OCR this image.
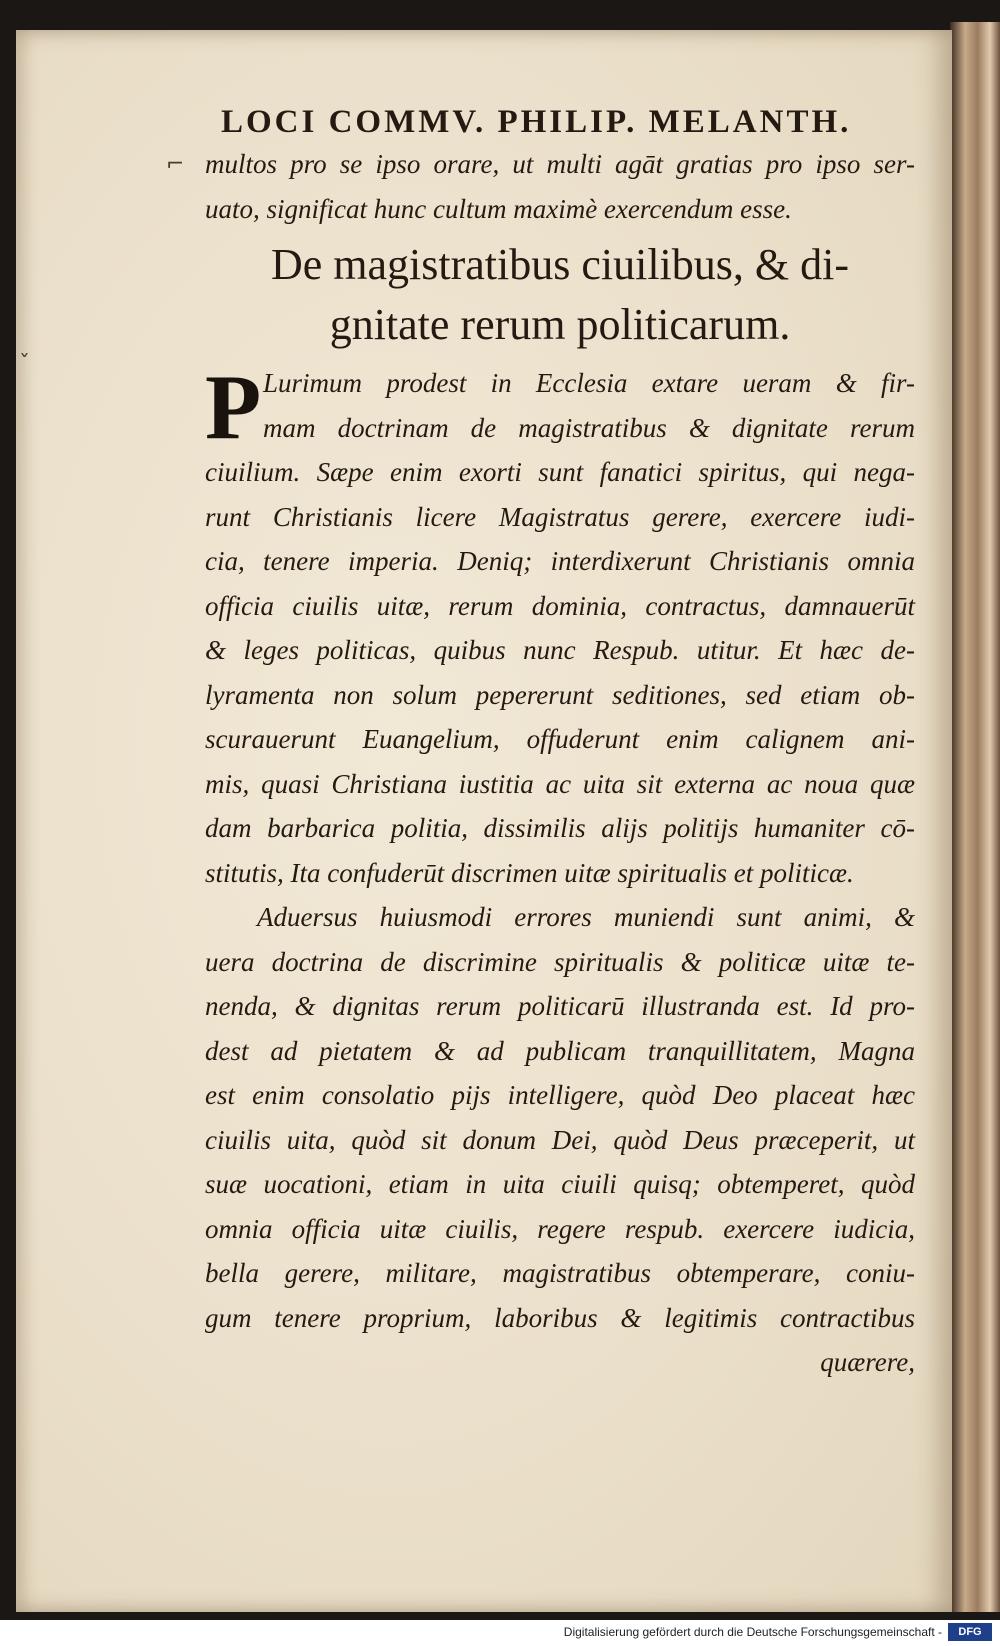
⌐
ˇ
LOCI COMMV. PHILIP. MELANTH.
multos pro se ipso orare, ut multi agāt gratias pro ipso ser-
uato, significat hunc cultum maximè exercendum esse.
De magistratibus ciuilibus, & di-
gnitate rerum politicarum.
P Lurimum prodest in Ecclesia extare ueram & fir-
mam doctrinam de magistratibus & dignitate rerum
ciuilium. Sæpe enim exorti sunt fanatici spiritus, qui nega-
runt Christianis licere Magistratus gerere, exercere iudi-
cia, tenere imperia. Deniq; interdixerunt Christianis omnia
officia ciuilis uitæ, rerum dominia, contractus, damnauerūt
& leges politicas, quibus nunc Respub. utitur. Et hæc de-
lyramenta non solum pepererunt seditiones, sed etiam ob-
scurauerunt Euangelium, offuderunt enim calignem ani-
mis, quasi Christiana iustitia ac uita sit externa ac noua quæ
dam barbarica politia, dissimilis alijs politijs humaniter cō-
stitutis, Ita confuderūt discrimen uitæ spiritualis et politicæ.
Aduersus huiusmodi errores muniendi sunt animi, &
uera doctrina de discrimine spiritualis & politicæ uitæ te-
nenda, & dignitas rerum politicarū illustranda est. Id pro-
dest ad pietatem & ad publicam tranquillitatem, Magna
est enim consolatio pijs intelligere, quòd Deo placeat hæc
ciuilis uita, quòd sit donum Dei, quòd Deus præceperit, ut
suæ uocationi, etiam in uita ciuili quisq; obtemperet, quòd
omnia officia uitæ ciuilis, regere respub. exercere iudicia,
bella gerere, militare, magistratibus obtemperare, coniu-
gum tenere proprium, laboribus & legitimis contractibus
quærere,
Digitalisierung gefördert durch die Deutsche Forschungsgemeinschaft -	DFG
